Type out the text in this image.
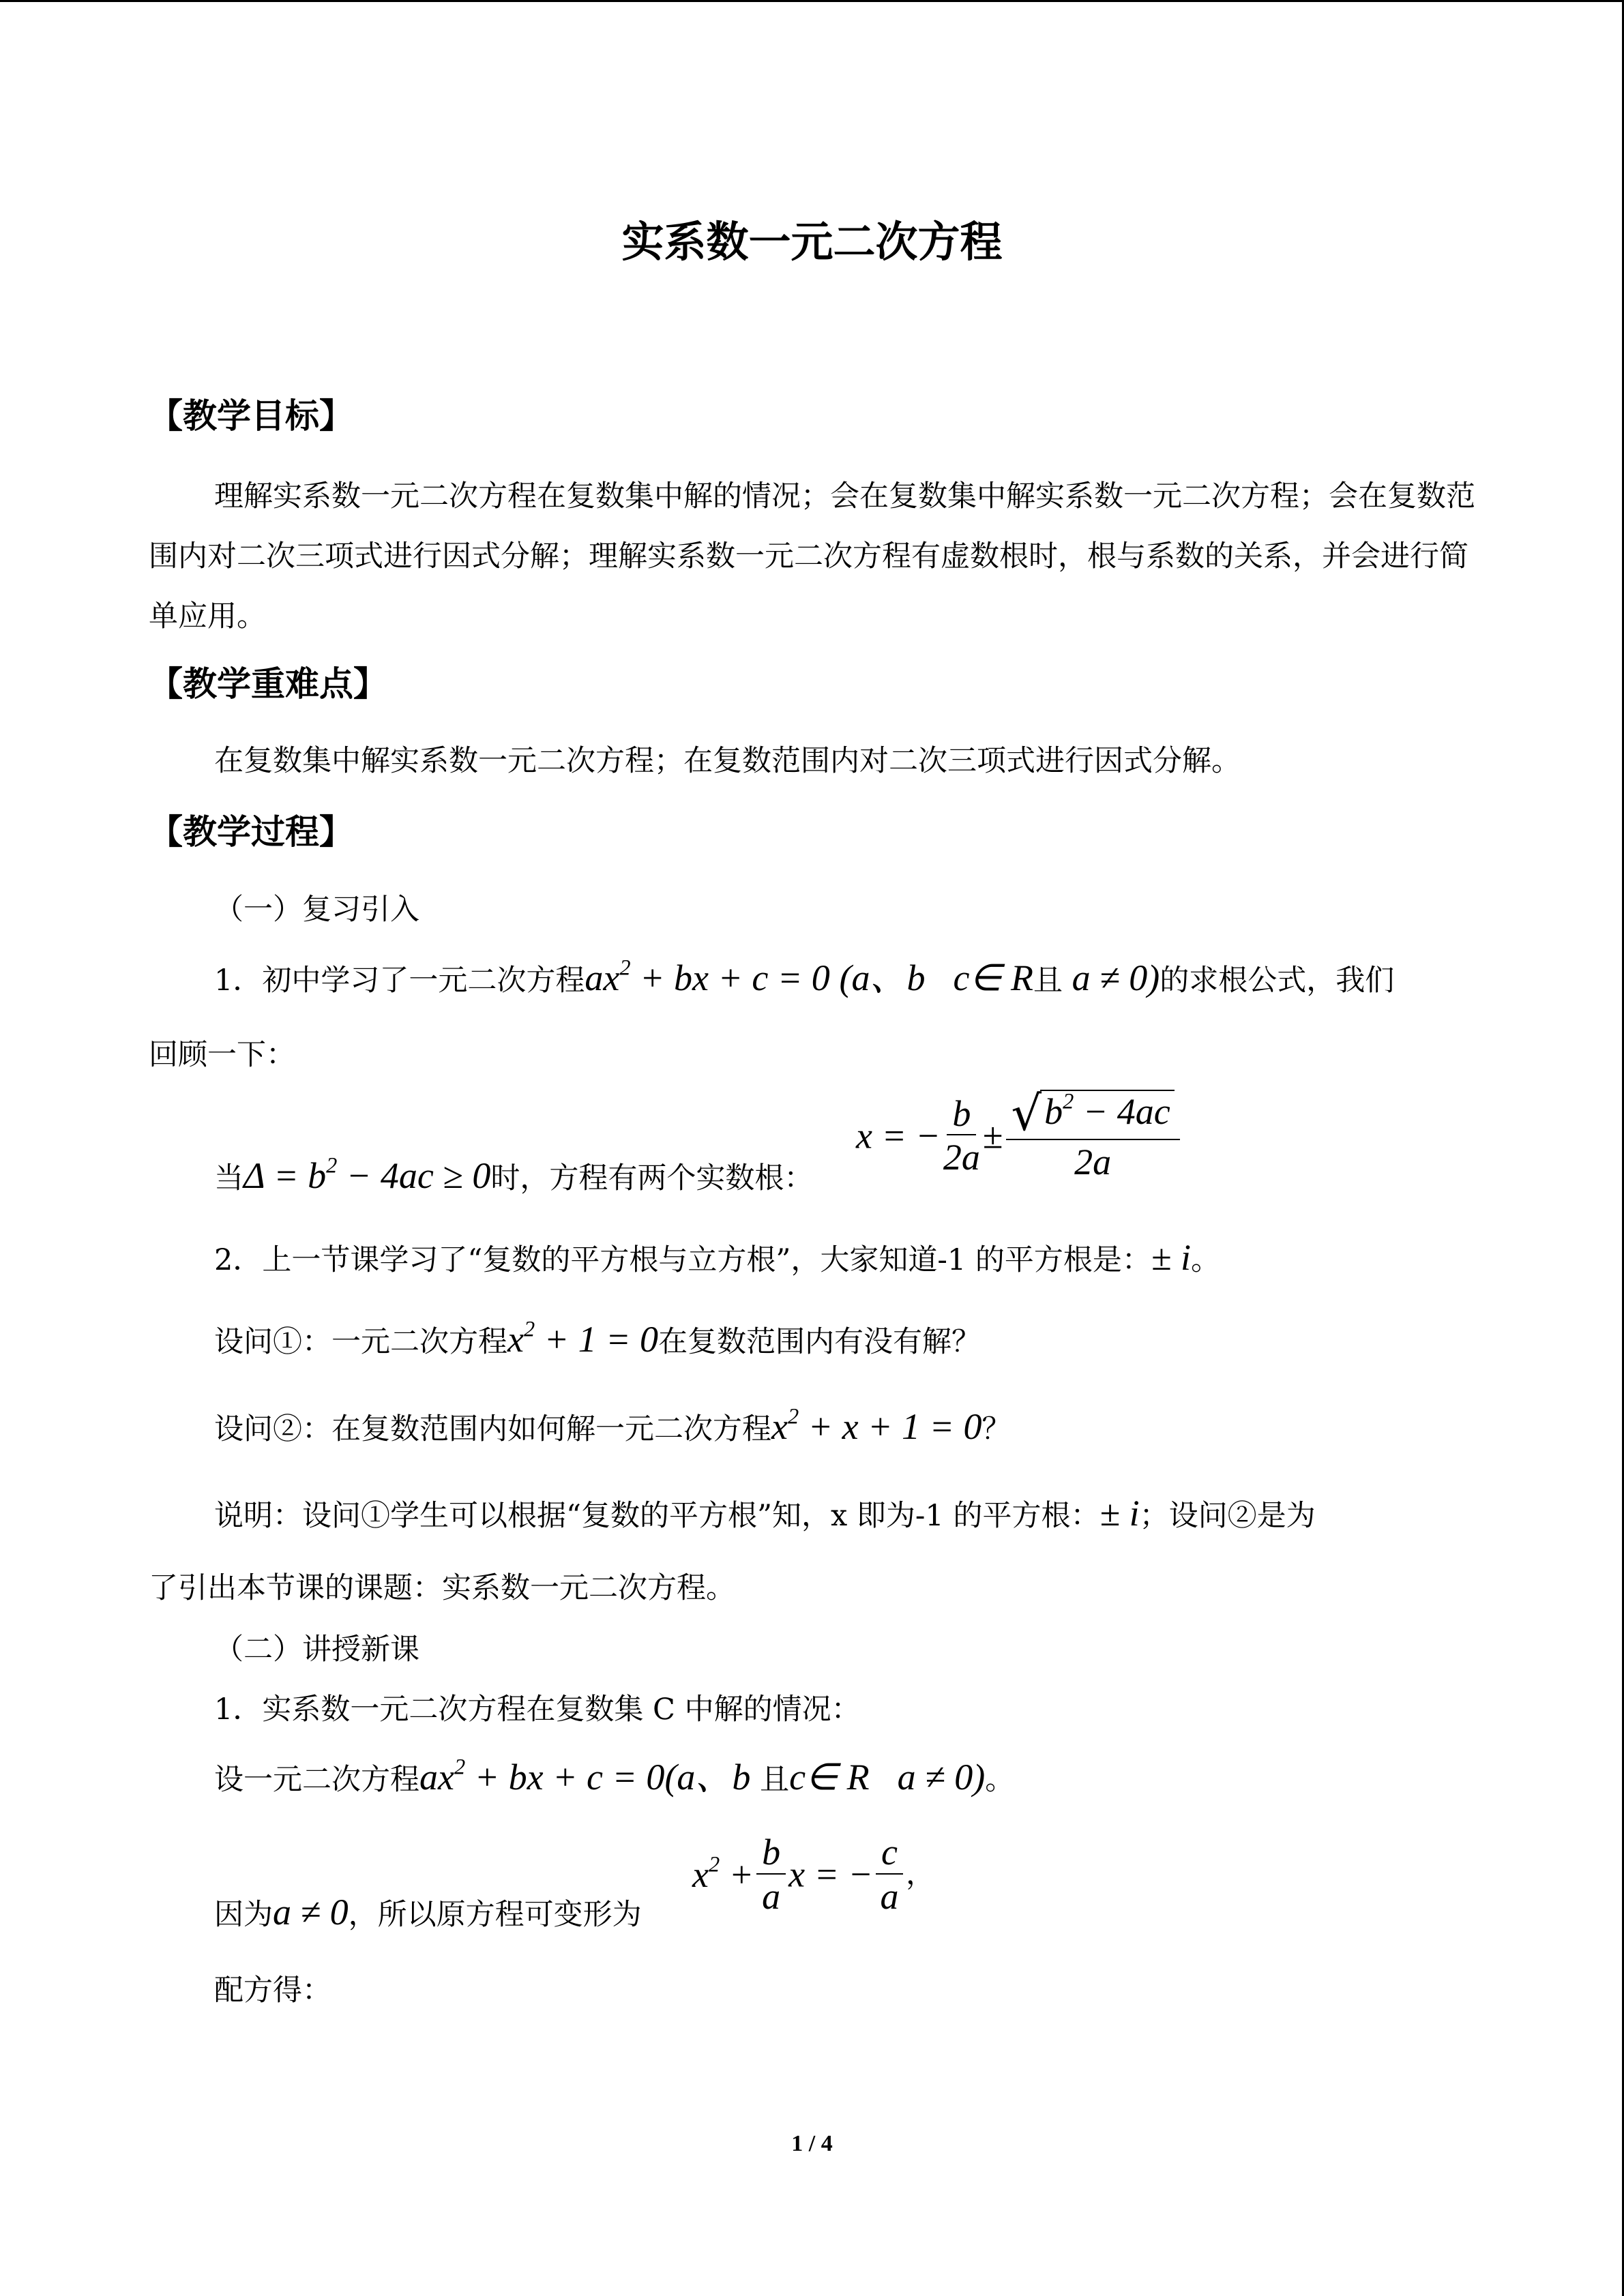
实系数一元二次方程
【教学目标】
理解实系数一元二次方程在复数集中解的情况；会在复数集中解实系数一元二次方程；会在复数范围内对二次三项式进行因式分解；理解实系数一元二次方程有虚数根时，根与系数的关系，并会进行简单应用。
【教学重难点】
在复数集中解实系数一元二次方程；在复数范围内对二次三项式进行因式分解。
【教学过程】
（一）复习引入
1．初中学习了一元二次方程$ax^2$ + bx + c = 0 (a、b c∈ R且 a ≠ 0)的求根公式，我们
回顾一下：
当$\Delta = b^2 - 4ac \ge 0$时，方程有两个实数根：
x = − $\frac{b}{2a} \pm \frac{√ b^2 - 4ac}{2a}$
2．上一节课学习了“复数的平方根与立方根”，大家知道-1 的平方根是：± i。
设问①：一元二次方程$x^2 + 1 = 0$在复数范围内有没有解？
设问②：在复数范围内如何解一元二次方程$x^2 + x + 1 = 0$？
说明：设问①学生可以根据“复数的平方根”知，x 即为-1 的平方根：± i；设问②是为
了引出本节课的课题：实系数一元二次方程。
（二）讲授新课
1．实系数一元二次方程在复数集 C 中解的情况：
设一元二次方程$ax^2$ + bx + c = 0(a、b 且c∈ R a ≠ 0)。
因为a ≠ 0，所以原方程可变形为
$x^2 + \frac{b}{a}$ x = − $\frac{c}{a}$ ，
配方得：
1 / 4
